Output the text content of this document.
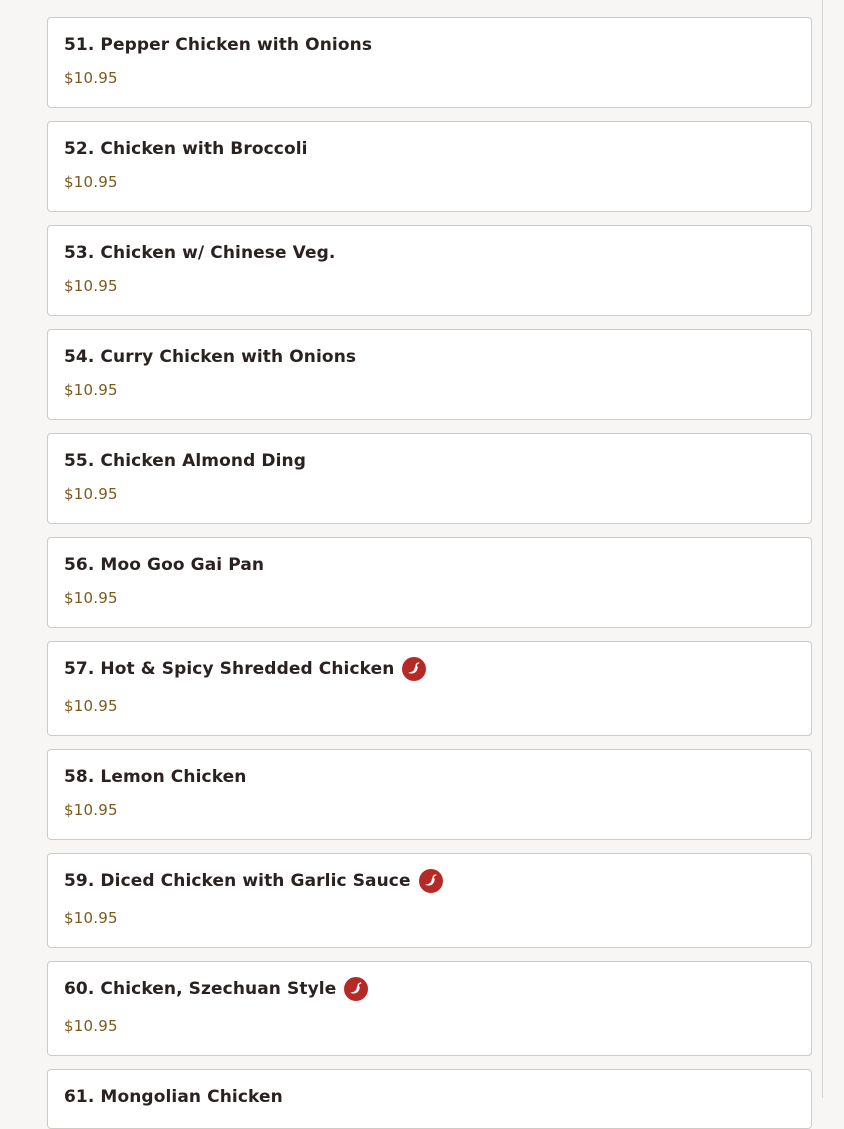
51. Pepper Chicken with Onions
$10.95
52. Chicken with Broccoli
$10.95
53. Chicken w/ Chinese Veg.
$10.95
54. Curry Chicken with Onions
$10.95
55. Chicken Almond Ding
$10.95
56. Moo Goo Gai Pan
$10.95
57. Hot & Spicy Shredded Chicken
$10.95
58. Lemon Chicken
$10.95
59. Diced Chicken with Garlic Sauce
$10.95
60. Chicken, Szechuan Style
$10.95
61. Mongolian Chicken
